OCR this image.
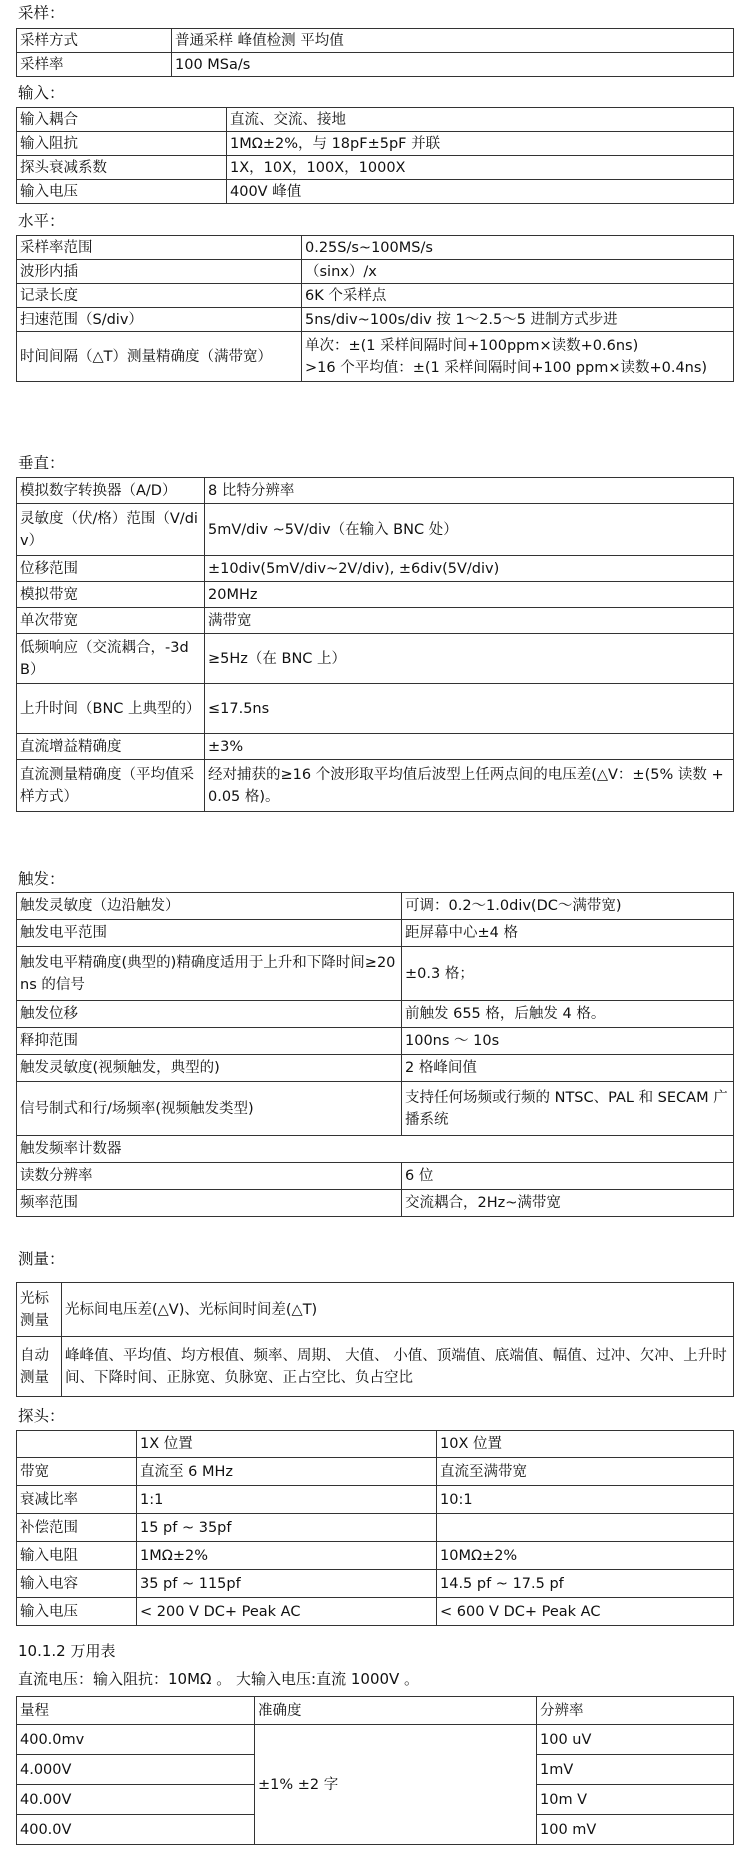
采样：
采样方式	普通采样 峰值检测 平均值
采样率	100 MSa/s
输入：
输入耦合	直流、交流、接地
输入阻抗	1MΩ±2%，与 18pF±5pF 并联
探头衰减系数	1X，10X，100X，1000X
输入电压	400V 峰值
水平：
采样率范围	0.25S/s~100MS/s
波形内插	（sinx）/x
记录长度	6K 个采样点
扫速范围（S/div）	5ns/div~100s/div 按 1～2.5～5 进制方式步进
时间间隔（△T）测量精确度（满带宽）	单次：±(1 采样间隔时间+100ppm×读数+0.6ns)
>16 个平均值：±(1 采样间隔时间+100 ppm×读数+0.4ns)
垂直：
模拟数字转换器（A/D）	8 比特分辨率
灵敏度（伏/格）范围（V/div）	5mV/div ~5V/div（在输入 BNC 处）
位移范围	±10div(5mV/div~2V/div), ±6div(5V/div)
模拟带宽	20MHz
单次带宽	满带宽
低频响应（交流耦合，-3dB）	≥5Hz（在 BNC 上）
上升时间（BNC 上典型的）	≤17.5ns
直流增益精确度	±3%
直流测量精确度（平均值采样方式）	经对捕获的≥16 个波形取平均值后波型上任两点间的电压差(△V：±(5% 读数 + 0.05 格)。
触发：
触发灵敏度（边沿触发）	可调：0.2～1.0div(DC～满带宽)
触发电平范围	距屏幕中心±4 格
触发电平精确度(典型的)精确度适用于上升和下降时间≥20ns 的信号	±0.3 格；
触发位移	前触发 655 格，后触发 4 格。
释抑范围	100ns ～ 10s
触发灵敏度(视频触发，典型的)	2 格峰间值
信号制式和行/场频率(视频触发类型)	支持任何场频或行频的 NTSC、PAL 和 SECAM 广播系统
触发频率计数器	
读数分辨率	6 位
频率范围	交流耦合，2Hz~满带宽
测量：
光标测量	光标间电压差(△V)、光标间时间差(△T)
自动测量	峰峰值、平均值、均方根值、频率、周期、 大值、 小值、顶端值、底端值、幅值、过冲、欠冲、上升时间、下降时间、正脉宽、负脉宽、正占空比、负占空比
探头：
	1X 位置	10X 位置
带宽	直流至 6 MHz	直流至满带宽
衰减比率	1:1	10:1
补偿范围	15 pf ~ 35pf	
输入电阻	1MΩ±2%	10MΩ±2%
输入电容	35 pf ~ 115pf	14.5 pf ~ 17.5 pf
输入电压	< 200 V DC+ Peak AC	< 600 V DC+ Peak AC
10.1.2 万用表
直流电压：输入阻抗：10MΩ 。 大输入电压:直流 1000V 。
量程	准确度	分辨率
400.0mv	±1% ±2 字	100 uV
4.000V		1mV
40.00V		10m V
400.0V		100 mV
